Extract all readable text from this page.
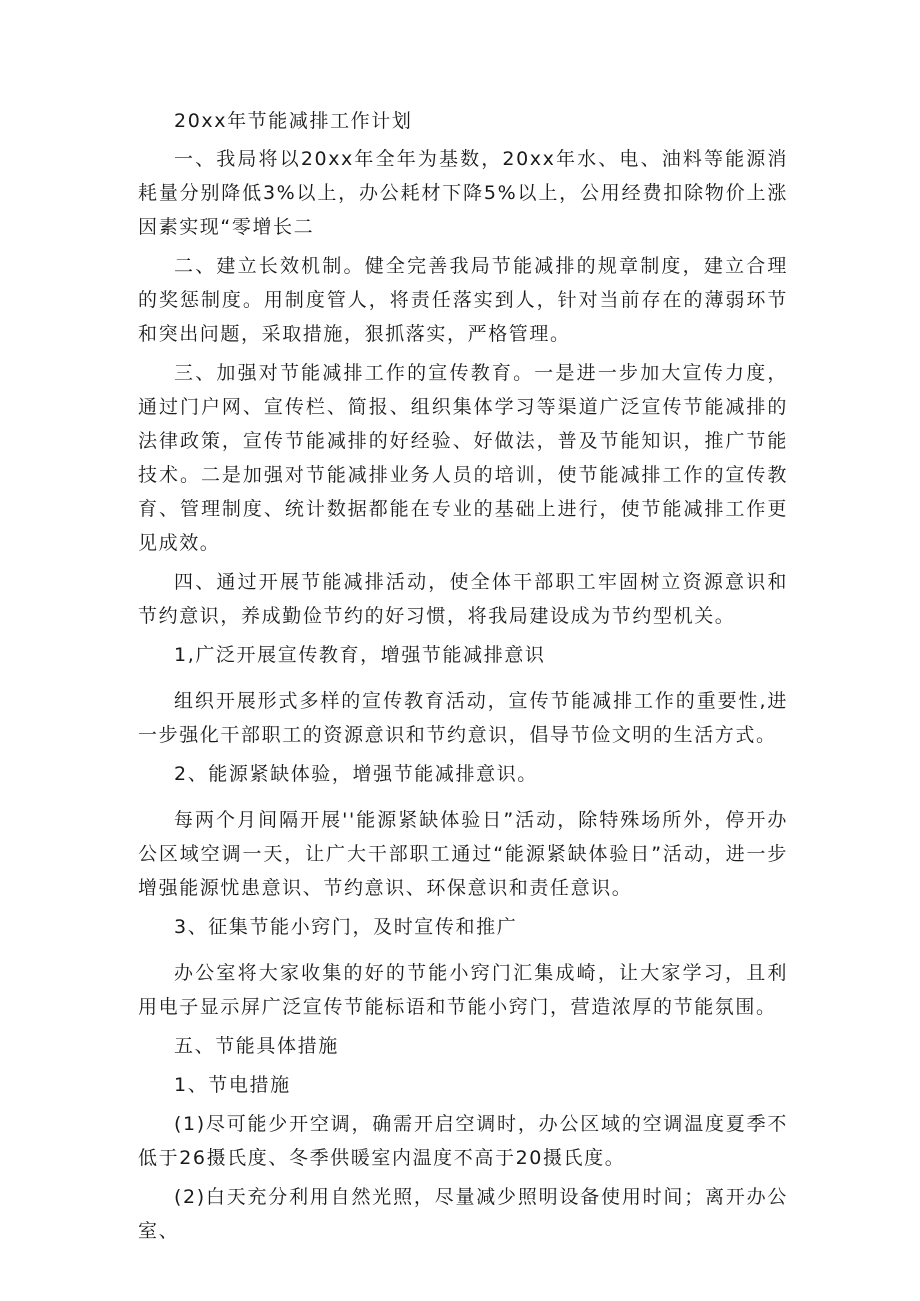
20xx年节能减排工作计划

一、我局将以20xx年全年为基数，20xx年水、电、油料等能源消耗量分别降低3%以上，办公耗材下降5%以上，公用经费扣除物价上涨因素实现“零增长二

二、建立长效机制。健全完善我局节能减排的规章制度，建立合理的奖惩制度。用制度管人，将责任落实到人，针对当前存在的薄弱环节和突出问题，采取措施，狠抓落实，严格管理。

三、加强对节能减排工作的宣传教育。一是进一步加大宣传力度，通过门户网、宣传栏、简报、组织集体学习等渠道广泛宣传节能减排的法律政策，宣传节能减排的好经验、好做法，普及节能知识，推广节能技术。二是加强对节能减排业务人员的培训，使节能减排工作的宣传教育、管理制度、统计数据都能在专业的基础上进行，使节能减排工作更见成效。

四、通过开展节能减排活动，使全体干部职工牢固树立资源意识和节约意识，养成勤俭节约的好习惯，将我局建设成为节约型机关。

1,广泛开展宣传教育，增强节能减排意识

组织开展形式多样的宣传教育活动，宣传节能减排工作的重要性,进一步强化干部职工的资源意识和节约意识，倡导节俭文明的生活方式。

2、能源紧缺体验，增强节能减排意识。

每两个月间隔开展''能源紧缺体验日”活动，除特殊场所外，停开办公区域空调一天，让广大干部职工通过“能源紧缺体验日”活动，进一步增强能源忧患意识、节约意识、环保意识和责任意识。

3、征集节能小窍门，及时宣传和推广

办公室将大家收集的好的节能小窍门汇集成崎，让大家学习，且利用电子显示屏广泛宣传节能标语和节能小窍门，营造浓厚的节能氛围。

五、节能具体措施

1、节电措施

(1)尽可能少开空调，确需开启空调时，办公区域的空调温度夏季不低于26摄氏度、冬季供暖室内温度不高于20摄氏度。

(2)白天充分利用自然光照，尽量减少照明设备使用时间；离开办公室、
